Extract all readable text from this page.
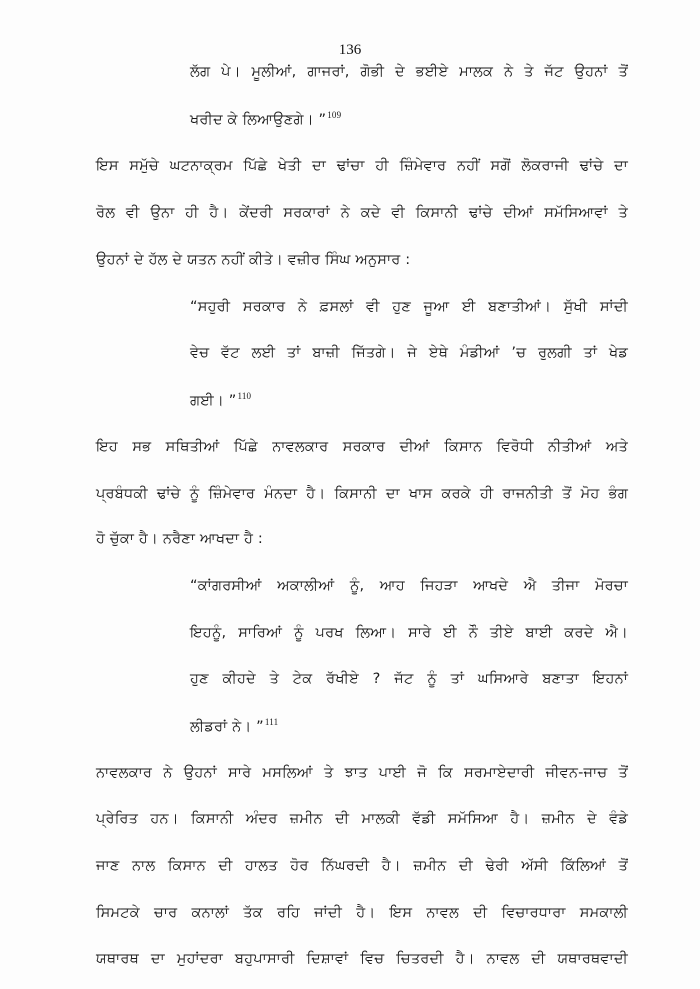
136
ਲੱਗ ਪੇ। ਮੂਲੀਆਂ, ਗਾਜਰਾਂ, ਗੋਭੀ ਦੇ ਭਈਏ ਮਾਲਕ ਨੇ ਤੇ ਜੱਟ ਉਹਨਾਂ ਤੋਂ
ਖਰੀਦ ਕੇ ਲਿਆਉਣਗੇ। ”$^{109}$
ਇਸ ਸਮੁੱਚੇ ਘਟਨਾਕ੍ਰਮ ਪਿੱਛੇ ਖੇਤੀ ਦਾ ਢਾਂਚਾ ਹੀ ਜ਼ਿੰਮੇਵਾਰ ਨਹੀਂ ਸਗੋਂ ਲੋਕਰਾਜੀ ਢਾਂਚੇ ਦਾ
ਰੋਲ ਵੀ ਉਨਾ ਹੀ ਹੈ। ਕੇਂਦਰੀ ਸਰਕਾਰਾਂ ਨੇ ਕਦੇ ਵੀ ਕਿਸਾਨੀ ਢਾਂਚੇ ਦੀਆਂ ਸਮੱਸਿਆਵਾਂ ਤੇ
ਉਹਨਾਂ ਦੇ ਹੱਲ ਦੇ ਯਤਨ ਨਹੀਂ ਕੀਤੇ। ਵਜ਼ੀਰ ਸਿੰਘ ਅਨੁਸਾਰ :
“ਸਹੁਰੀ ਸਰਕਾਰ ਨੇ ਫ਼ਸਲਾਂ ਵੀ ਹੁਣ ਜੂਆ ਈ ਬਣਾਤੀਆਂ। ਸੁੱਖੀ ਸਾਂਦੀ
ਵੇਚ ਵੱਟ ਲਈ ਤਾਂ ਬਾਜ਼ੀ ਜਿੱਤਗੇ। ਜੇ ਏਥੇ ਮੰਡੀਆਂ ’ਚ ਰੁਲਗੀ ਤਾਂ ਖੇਡ
ਗਈ। ”$^{110}$
ਇਹ ਸਭ ਸਥਿਤੀਆਂ ਪਿੱਛੇ ਨਾਵਲਕਾਰ ਸਰਕਾਰ ਦੀਆਂ ਕਿਸਾਨ ਵਿਰੋਧੀ ਨੀਤੀਆਂ ਅਤੇ
ਪ੍ਰਬੰਧਕੀ ਢਾਂਚੇ ਨੂੰ ਜ਼ਿੰਮੇਵਾਰ ਮੰਨਦਾ ਹੈ। ਕਿਸਾਨੀ ਦਾ ਖਾਸ ਕਰਕੇ ਹੀ ਰਾਜਨੀਤੀ ਤੋਂ ਮੋਹ ਭੰਗ
ਹੋ ਚੁੱਕਾ ਹੈ। ਨਰੈਣਾ ਆਖਦਾ ਹੈ :
“ਕਾਂਗਰਸੀਆਂ ਅਕਾਲੀਆਂ ਨੂੰ, ਆਹ ਜਿਹੜਾ ਆਖਦੇ ਐ ਤੀਜਾ ਮੋਰਚਾ
ਇਹਨੂੰ, ਸਾਰਿਆਂ ਨੂੰ ਪਰਖ ਲਿਆ। ਸਾਰੇ ਈ ਨੌ ਤੀਏ ਬਾਈ ਕਰਦੇ ਐ।
ਹੁਣ ਕੀਹਦੇ ਤੇ ਟੇਕ ਰੱਖੀਏ ? ਜੱਟ ਨੂੰ ਤਾਂ ਘਸਿਆਰੇ ਬਣਾਤਾ ਇਹਨਾਂ
ਲੀਡਰਾਂ ਨੇ। ”$^{111}$
ਨਾਵਲਕਾਰ ਨੇ ਉਹਨਾਂ ਸਾਰੇ ਮਸਲਿਆਂ ਤੇ ਝਾਤ ਪਾਈ ਜੋ ਕਿ ਸਰਮਾਏਦਾਰੀ ਜੀਵਨ-ਜਾਚ ਤੋਂ
ਪ੍ਰੇਰਿਤ ਹਨ। ਕਿਸਾਨੀ ਅੰਦਰ ਜ਼ਮੀਨ ਦੀ ਮਾਲਕੀ ਵੱਡੀ ਸਮੱਸਿਆ ਹੈ। ਜ਼ਮੀਨ ਦੇ ਵੰਡੇ
ਜਾਣ ਨਾਲ ਕਿਸਾਨ ਦੀ ਹਾਲਤ ਹੋਰ ਨਿੱਘਰਦੀ ਹੈ। ਜ਼ਮੀਨ ਦੀ ਢੇਰੀ ਅੱਸੀ ਕਿੱਲਿਆਂ ਤੋਂ
ਸਿਮਟਕੇ ਚਾਰ ਕਨਾਲਾਂ ਤੱਕ ਰਹਿ ਜਾਂਦੀ ਹੈ। ਇਸ ਨਾਵਲ ਦੀ ਵਿਚਾਰਧਾਰਾ ਸਮਕਾਲੀ
ਯਥਾਰਥ ਦਾ ਮੁਹਾਂਦਰਾ ਬਹੁਪਾਸਾਰੀ ਦਿਸ਼ਾਵਾਂ ਵਿਚ ਚਿਤਰਦੀ ਹੈ। ਨਾਵਲ ਦੀ ਯਥਾਰਥਵਾਦੀ
